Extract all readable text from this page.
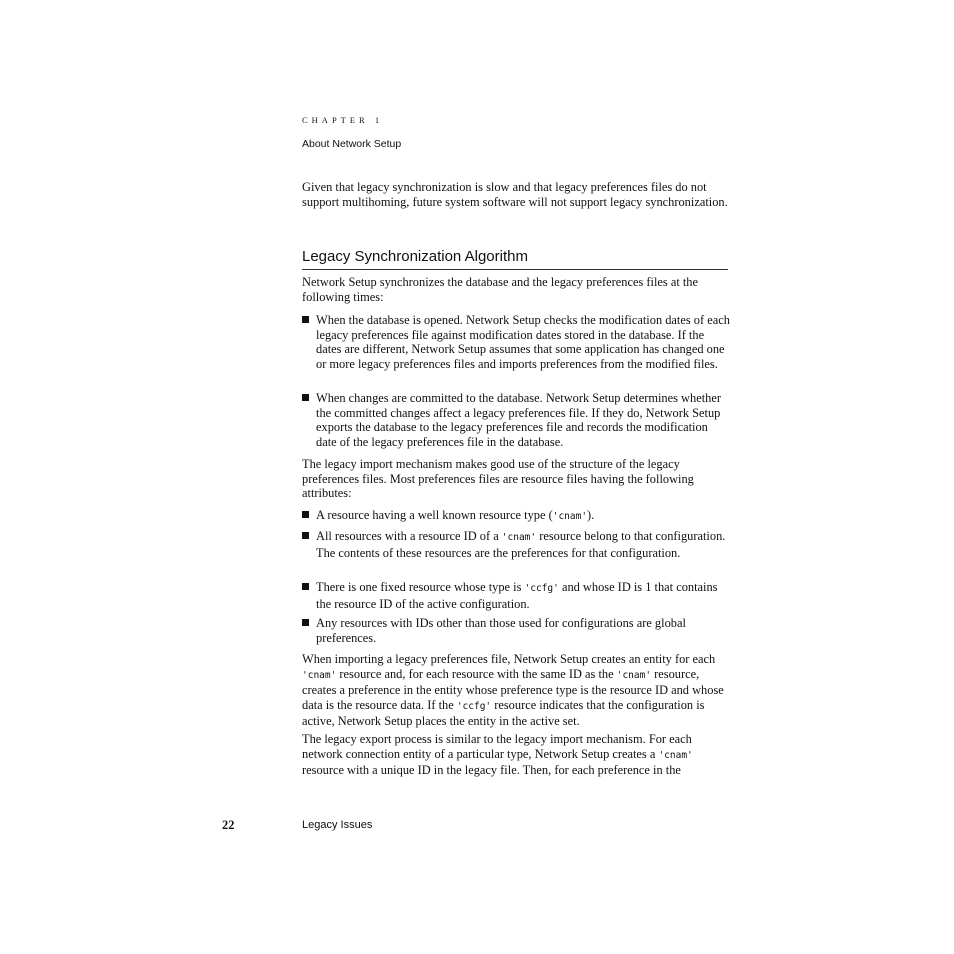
CHAPTER 1
About Network Setup
Given that legacy synchronization is slow and that legacy preferences files do not support multihoming, future system software will not support legacy synchronization.
Legacy Synchronization Algorithm
Network Setup synchronizes the database and the legacy preferences files at the following times:
When the database is opened. Network Setup checks the modification dates of each legacy preferences file against modification dates stored in the database. If the dates are different, Network Setup assumes that some application has changed one or more legacy preferences files and imports preferences from the modified files.
When changes are committed to the database. Network Setup determines whether the committed changes affect a legacy preferences file. If they do, Network Setup exports the database to the legacy preferences file and records the modification date of the legacy preferences file in the database.
The legacy import mechanism makes good use of the structure of the legacy preferences files. Most preferences files are resource files having the following attributes:
A resource having a well known resource type ('cnam').
All resources with a resource ID of a 'cnam' resource belong to that configuration. The contents of these resources are the preferences for that configuration.
There is one fixed resource whose type is 'ccfg' and whose ID is 1 that contains the resource ID of the active configuration.
Any resources with IDs other than those used for configurations are global preferences.
When importing a legacy preferences file, Network Setup creates an entity for each 'cnam' resource and, for each resource with the same ID as the 'cnam' resource, creates a preference in the entity whose preference type is the resource ID and whose data is the resource data. If the 'ccfg' resource indicates that the configuration is active, Network Setup places the entity in the active set.
The legacy export process is similar to the legacy import mechanism. For each network connection entity of a particular type, Network Setup creates a 'cnam' resource with a unique ID in the legacy file. Then, for each preference in the
22	Legacy Issues
